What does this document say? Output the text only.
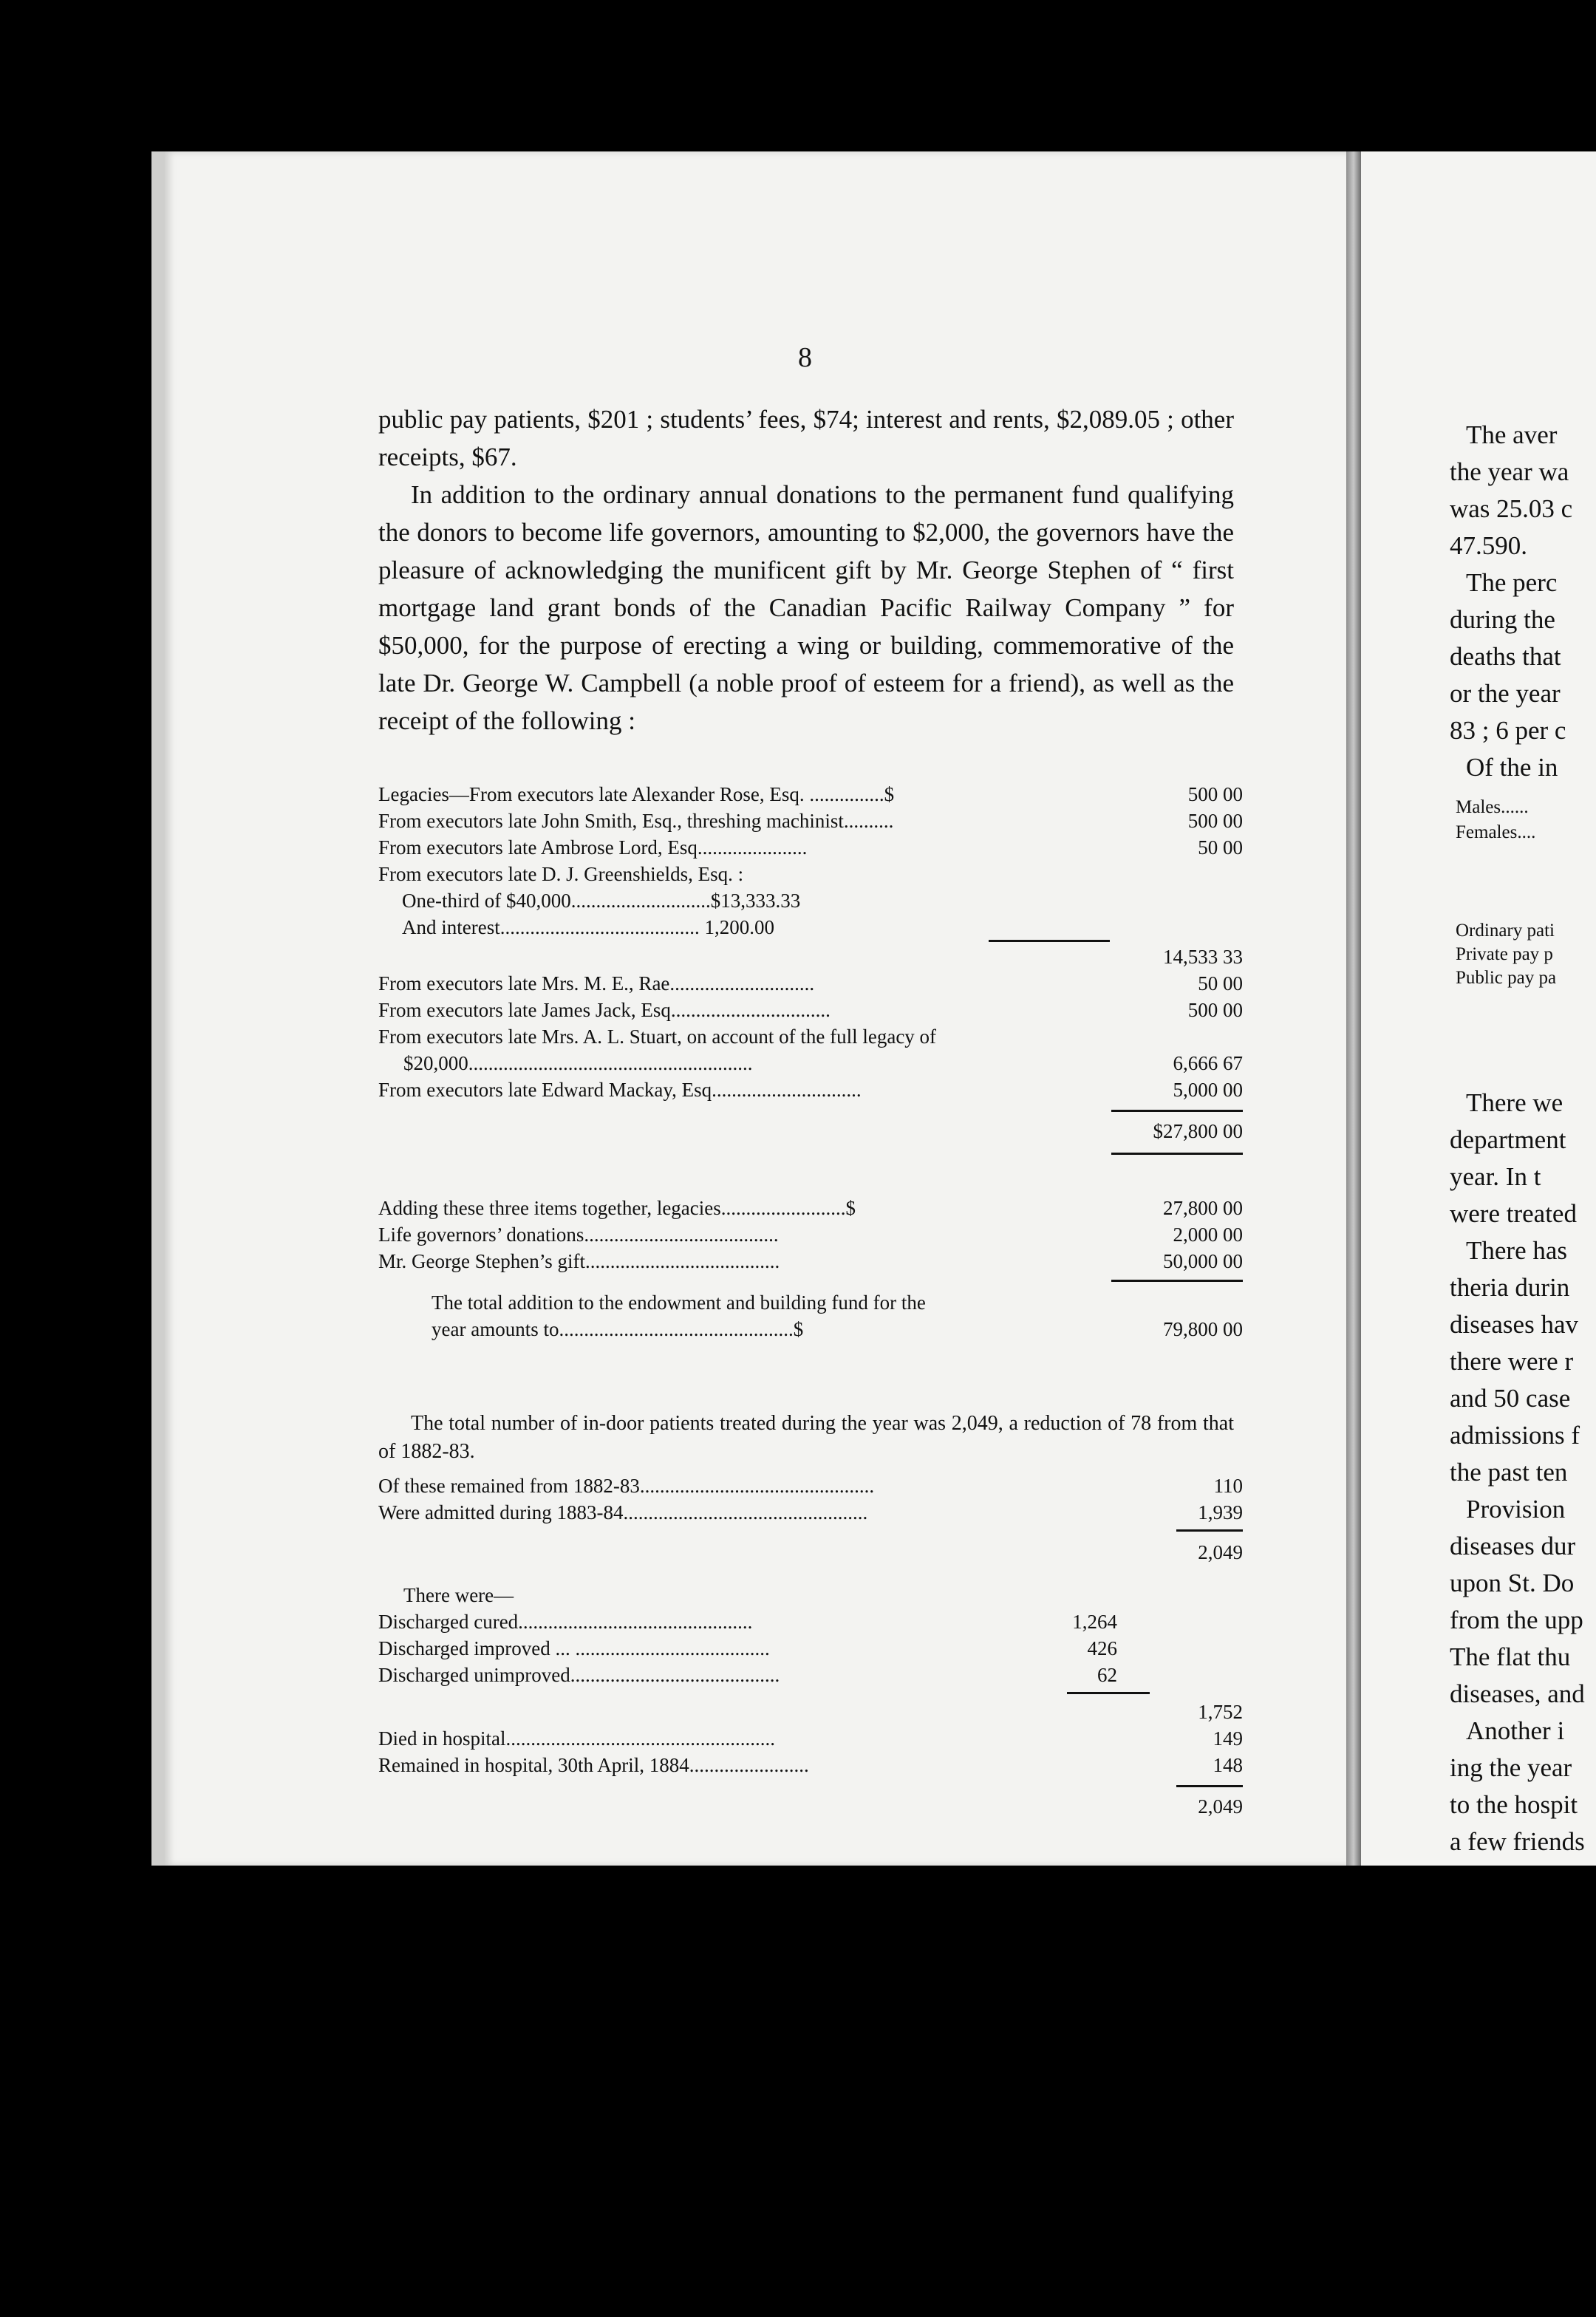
8

public pay patients, $201 ; students’ fees, $74; interest and rents, $2,089.05 ; other receipts, $67.

In addition to the ordinary annual donations to the permanent fund qualifying the donors to become life governors, amounting to $2,000, the governors have the pleasure of acknowledging the munificent gift by Mr. George Stephen of “ first mortgage land grant bonds of the Canadian Pacific Railway Company ” for $50,000, for the purpose of erecting a wing or building, commemorative of the late Dr. George W. Campbell (a noble proof of esteem for a friend), as well as the receipt of the following :

Legacies—From executors late Alexander Rose, Esq. ...............$	500 00
From executors late John Smith, Esq., threshing machinist..........	500 00
From executors late Ambrose Lord, Esq......................	50 00
From executors late D. J. Greenshields, Esq. :
One-third of $40,000............................$13,333.33
And interest........................................ 1,200.00
14,533 33
From executors late Mrs. M. E., Rae.............................	50 00
From executors late James Jack, Esq................................	500 00
From executors late Mrs. A. L. Stuart, on account of the full legacy of
$20,000.........................................................	6,666 67
From executors late Edward Mackay, Esq..............................	5,000 00
$27,800 00
Adding these three items together, legacies.........................$	27,800 00
Life governors’ donations.......................................	2,000 00
Mr. George Stephen’s gift.......................................	50,000 00
The total addition to the endowment and building fund for the
year amounts to...............................................$	79,800 00

The total number of in-door patients treated during the year was 2,049, a reduction of 78 from that of 1882-83.

Of these remained from 1882-83...............................................	110
Were admitted during 1883-84.................................................	1,939
2,049
There were—
Discharged cured...............................................	1,264
Discharged improved ... .......................................	426
Discharged unimproved..........................................	62
1,752
Died in hospital......................................................	149
Remained in hospital, 30th April, 1884........................	148
2,049
The aver
the year wa
was 25.03 c
47.590.
The perc
during the
deaths that
or the year
83 ; 6 per c
Of the in
Males......
Females....
Ordinary pati
Private pay p
Public pay pa
There we
department
year. In t
were treated
There has
theria durin
diseases hav
there were r
and 50 case
admissions f
the past ten
Provision
diseases dur
upon St. Do
from the upp
The flat thu
diseases, and
Another i
ing the year
to the hospit
a few friends
